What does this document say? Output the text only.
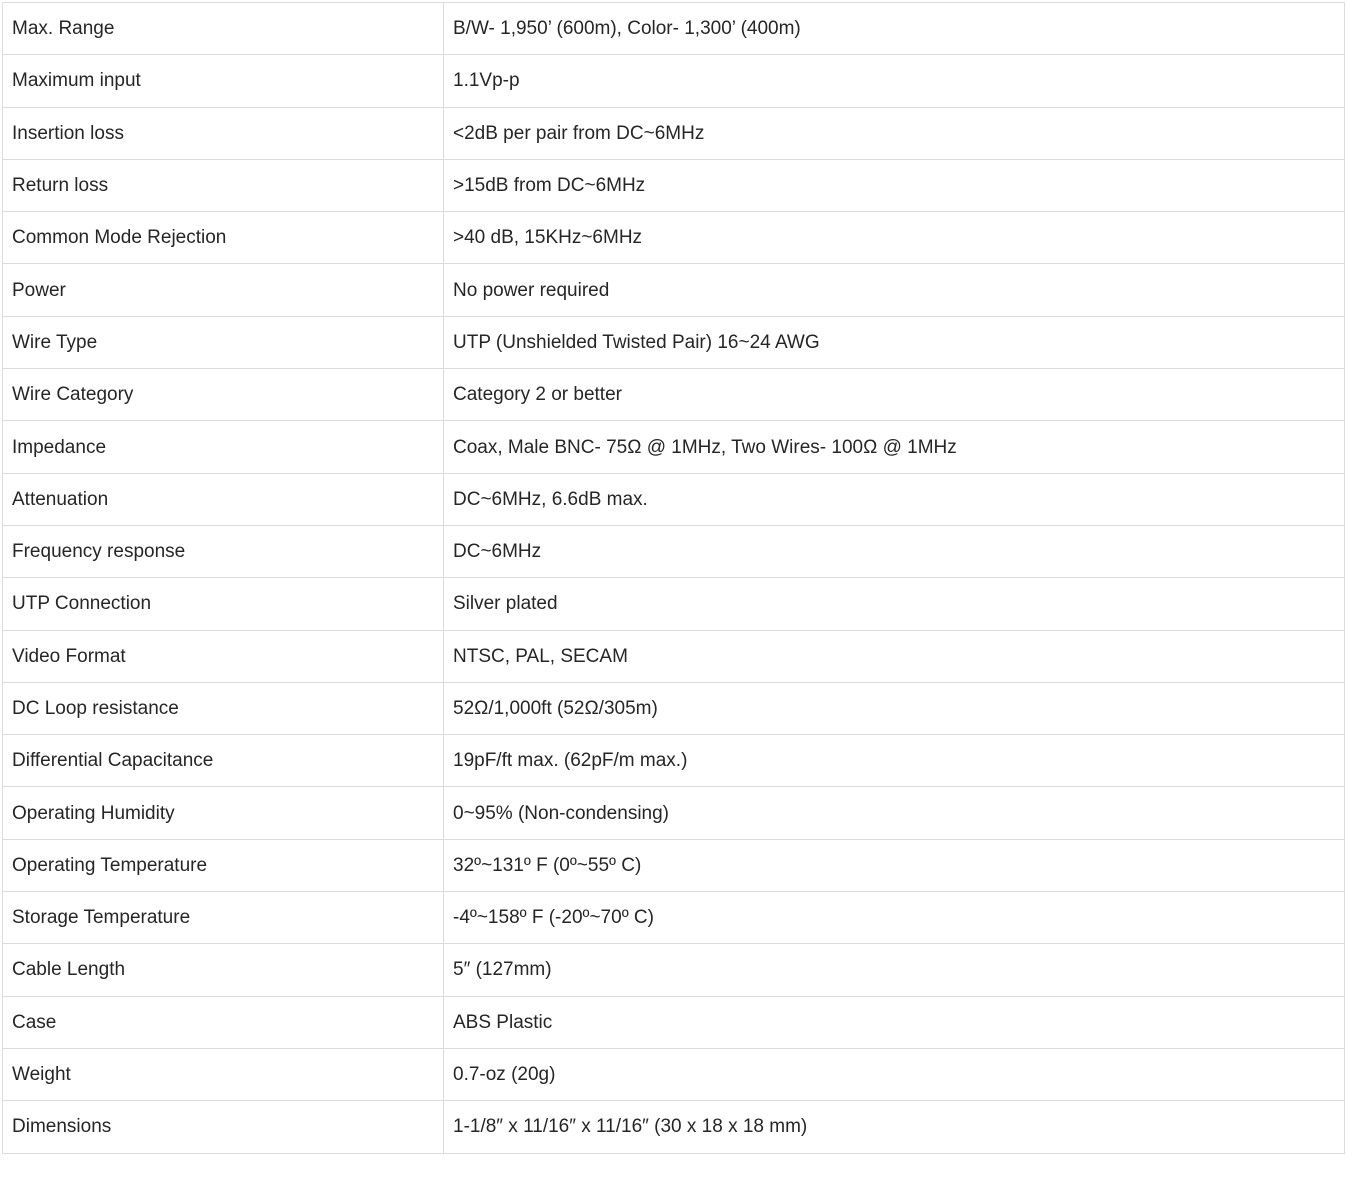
Max. Range	B/W- 1,950’ (600m), Color- 1,300’ (400m)
Maximum input	1.1Vp-p
Insertion loss	<2dB per pair from DC~6MHz
Return loss	>15dB from DC~6MHz
Common Mode Rejection	>40 dB, 15KHz~6MHz
Power	No power required
Wire Type	UTP (Unshielded Twisted Pair) 16~24 AWG
Wire Category	Category 2 or better
Impedance	Coax, Male BNC- 75Ω @ 1MHz, Two Wires- 100Ω @ 1MHz
Attenuation	DC~6MHz, 6.6dB max.
Frequency response	DC~6MHz
UTP Connection	Silver plated
Video Format	NTSC, PAL, SECAM
DC Loop resistance	52Ω/1,000ft (52Ω/305m)
Differential Capacitance	19pF/ft max. (62pF/m max.)
Operating Humidity	0~95% (Non-condensing)
Operating Temperature	32º~131º F (0º~55º C)
Storage Temperature	-4º~158º F (-20º~70º C)
Cable Length	5″ (127mm)
Case	ABS Plastic
Weight	0.7-oz (20g)
Dimensions	1-1/8″ x 11/16″ x 11/16″ (30 x 18 x 18 mm)
